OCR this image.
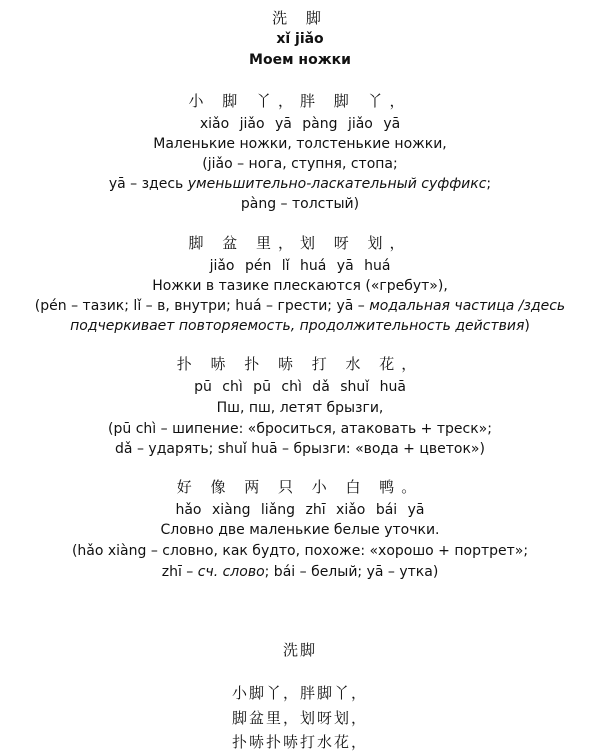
洗 脚
xǐ jiǎo
Моем ножки
小 脚 丫，胖 脚 丫，
xiǎo jiǎo yā pàng jiǎo yā
Маленькие ножки, толстенькие ножки,
(jiǎo – нога, ступня, стопа;
yā – здесь уменьшительно-ласкательный суффикс;
pàng – толстый)
脚 盆 里，划 呀 划，
jiǎo pén lǐ huá yā huá
Ножки в тазике плескаются («гребут»),
(pén – тазик; lǐ – в, внутри; huá – грести; yā – модальная частица /здесь
подчеркивает повторяемость, продолжительность действия)
扑 哧 扑 哧 打 水 花，
pū chì pū chì dǎ shuǐ huā
Пш, пш, летят брызги,
(pū chì – шипение: «броситься, атаковать + треск»;
dǎ – ударять; shuǐ huā – брызги: «вода + цветок»)
好 像 两 只 小 白 鸭。
hǎo xiàng liǎng zhī xiǎo bái yā
Словно две маленькие белые уточки.
(hǎo xiàng – словно, как будто, похоже: «хорошо + портрет»;
zhī – сч. слово; bái – белый; yā – утка)
洗脚
小脚丫，胖脚丫，
脚盆里，划呀划，
扑哧扑哧打水花，
